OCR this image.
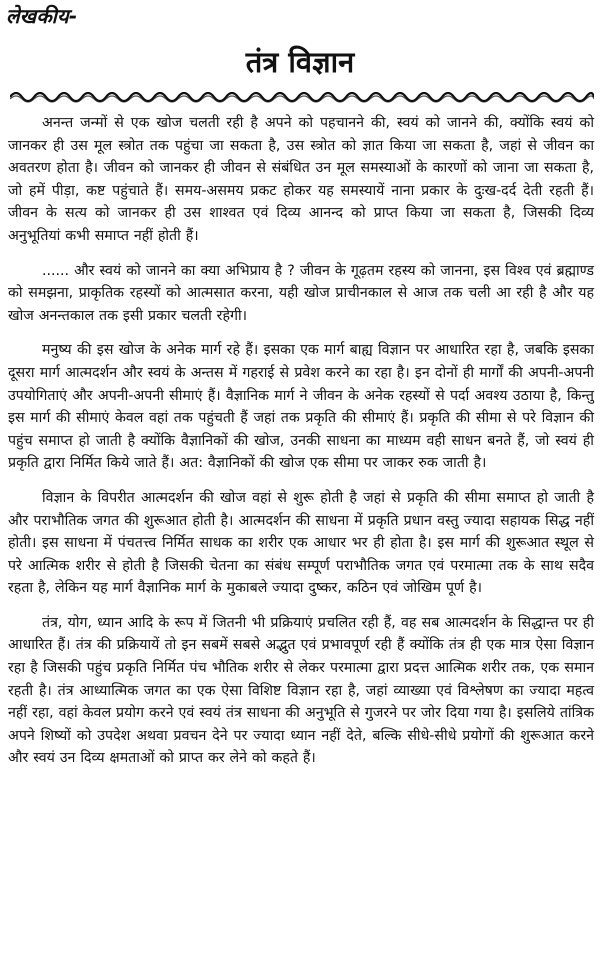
लेखकीय-
तंत्र विज्ञान

अनन्त जन्मों से एक खोज चलती रही है अपने को पहचानने की, स्वयं को जानने की, क्योंकि स्वयं को जानकर ही उस मूल स्त्रोत तक पहुंचा जा सकता है, उस स्त्रोत को ज्ञात किया जा सकता है, जहां से जीवन का अवतरण होता है। जीवन को जानकर ही जीवन से संबंधित उन मूल समस्याओं के कारणों को जाना जा सकता है, जो हमें पीड़ा, कष्ट पहुंचाते हैं। समय-असमय प्रकट होकर यह समस्यायें नाना प्रकार के दुःख-दर्द देती रहती हैं। जीवन के सत्य को जानकर ही उस शाश्वत एवं दिव्य आनन्द को प्राप्त किया जा सकता है, जिसकी दिव्य अनुभूतियां कभी समाप्त नहीं होती हैं।

...... और स्वयं को जानने का क्या अभिप्राय है ? जीवन के गूढ़तम रहस्य को जानना, इस विश्व एवं ब्रह्माण्ड को समझना, प्राकृतिक रहस्यों को आत्मसात करना, यही खोज प्राचीनकाल से आज तक चली आ रही है और यह खोज अनन्तकाल तक इसी प्रकार चलती रहेगी।

मनुष्य की इस खोज के अनेक मार्ग रहे हैं। इसका एक मार्ग बाह्य विज्ञान पर आधारित रहा है, जबकि इसका दूसरा मार्ग आत्मदर्शन और स्वयं के अन्तस में गहराई से प्रवेश करने का रहा है। इन दोनों ही मार्गों की अपनी-अपनी उपयोगिताएं और अपनी-अपनी सीमाएं हैं। वैज्ञानिक मार्ग ने जीवन के अनेक रहस्यों से पर्दा अवश्य उठाया है, किन्तु इस मार्ग की सीमाएं केवल वहां तक पहुंचती हैं जहां तक प्रकृति की सीमाएं हैं। प्रकृति की सीमा से परे विज्ञान की पहुंच समाप्त हो जाती है क्योंकि वैज्ञानिकों की खोज, उनकी साधना का माध्यम वही साधन बनते हैं, जो स्वयं ही प्रकृति द्वारा निर्मित किये जाते हैं। अत: वैज्ञानिकों की खोज एक सीमा पर जाकर रुक जाती है।

विज्ञान के विपरीत आत्मदर्शन की खोज वहां से शुरू होती है जहां से प्रकृति की सीमा समाप्त हो जाती है और पराभौतिक जगत की शुरूआत होती है। आत्मदर्शन की साधना में प्रकृति प्रधान वस्तु ज्यादा सहायक सिद्ध नहीं होती। इस साधना में पंचतत्त्व निर्मित साधक का शरीर एक आधार भर ही होता है। इस मार्ग की शुरूआत स्थूल से परे आत्मिक शरीर से होती है जिसकी चेतना का संबंध सम्पूर्ण पराभौतिक जगत एवं परमात्मा तक के साथ सदैव रहता है, लेकिन यह मार्ग वैज्ञानिक मार्ग के मुकाबले ज्यादा दुष्कर, कठिन एवं जोखिम पूर्ण है।

तंत्र, योग, ध्यान आदि के रूप में जितनी भी प्रक्रियाएं प्रचलित रही हैं, वह सब आत्मदर्शन के सिद्धान्त पर ही आधारित हैं। तंत्र की प्रक्रियायें तो इन सबमें सबसे अद्भुत एवं प्रभावपूर्ण रही हैं क्योंकि तंत्र ही एक मात्र ऐसा विज्ञान रहा है जिसकी पहुंच प्रकृति निर्मित पंच भौतिक शरीर से लेकर परमात्मा द्वारा प्रदत्त आत्मिक शरीर तक, एक समान रहती है। तंत्र आध्यात्मिक जगत का एक ऐसा विशिष्ट विज्ञान रहा है, जहां व्याख्या एवं विश्लेषण का ज्यादा महत्व नहीं रहा, वहां केवल प्रयोग करने एवं स्वयं तंत्र साधना की अनुभूति से गुजरने पर जोर दिया गया है। इसलिये तांत्रिक अपने शिष्यों को उपदेश अथवा प्रवचन देने पर ज्यादा ध्यान नहीं देते, बल्कि सीधे-सीधे प्रयोगों की शुरूआत करने और स्वयं उन दिव्य क्षमताओं को प्राप्त कर लेने को कहते हैं।
